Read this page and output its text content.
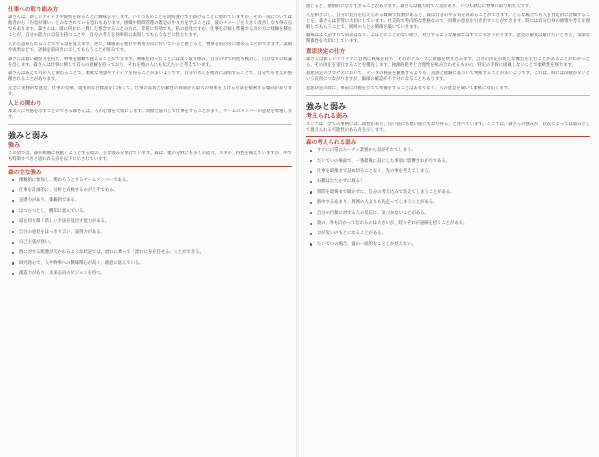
仕事への取り組み方

森さんは、新しいアイデアや洞察を得ることに興味を示します。いくつものことを同時並行で手掛けることに慣れていますが、その一部については他者から「内容が薄い」とみなされている恐れもあります。組織や時間管理の既定のやり方を学ぶことは、彼のイメージを大きく改善しなり得る点でもあります。森さんは、既に何かに一貫した専念することの方に、非常に有効でも、私の意見ですが、仕事を計画し準備する点の方に経験を積むことが、自分の能力に自信を持つことや、自分の考えを効率的に表現してもらうなどに役立ちます。

人から認められることでやる気を覚えます。逆に、価値ある他社や利用方向に付いていると感じると、物事を前向きに進めることができます。業績や成果などで、評価を前向きに示してもらうことが好みです。

森さんは鋭い観察力を持ち、物事を俯瞰で捉えることができます。興味を持ったことには深く取り組み、自分の中で何度も検討し、自分なりの結論を出します。森さんは仕事に関して自らの見解を持っており、それを他の人にも伝えたいと考えています。

森さんはあえて外の人と関わることで、柔軟な発想やアイデアを得ることが多いようです。自分の考えを他者に説明することで、自分でも考えが整理されることがあります。

完全に実務的な意見、仕事の見積、現実的な目標設定に関して、仕事の品質と信頼性の両面から最大の効果を上げる方法を模索する傾向があります。

人との関わり

本来人に共感を示すことのできる森さんは、人の心情を大切にします。同僚と協力して仕事をすることが多く、チームのメンバーの意見を尊重します。

強みと弱み
強み

この項では、森が組織に貢献しようとする際の、主な強みを挙げています。森は、他の分野にも多くの能力、スキル、特性を備えていますが、中でも特筆すべきと思われる点を以下に示されています。

森の主な強み
積極的に参加し、関わろうとするチームメンバーである。
仕事を計画的に、分析と点検するのが上手である。
直感力があり、楽観的である。
はつらつとし、機知に富んでいる。
道を切り開く新しい手法を見出す能力がある。
自分の意見をはっきり言い、説得力がある。
自己主張が強い。
他に対する配慮が欠かれるような状況では、流れに乗って「流れに身を任せる」ことができる。
研究熱心で、人や物事への興味関心が高く、創意に富んでいる。
創造力があり、未来志向のビジョンを持つ。

感じると、感情的になりすぎることがあります。森さんは魅力的で人気があり、いつも熱心に物事に取り組む人です。

人を相手にし、自分の見方を伝えられる職場で役割があると、彼は自分のやる気を高めることができます。どんな場合でも人を肯定的に評価することを、森さんは非常に大切にしています。社交的で外向的な性格なので、同僚の意見を引き出すことができます。時には自分自身の感情や考えを理解してもらうことで、周囲の人との関係を築いていきます。

職場はよく話す方で肩書はなく、よほどのことがない限り、対立するような場面ではすぐに引き下がります。意見の衝突は避けたいと考え、気楽な関係性を大切にしています。

意思決定の仕方

森さんは新しいアイデアに自然に興味を持ち、それがグループに新風を吹き込みます。自分の決定が新たな機会を生むことがあることがわかったら、その決定を実行することを優先します。独創的思考と合理性を組み合わせるものの、特定の手段に固執しないことで柔軟性を保ちます。

意思決定のプロセスにおいて、データの検証を徹底するよりも、直感と経験に基づいて判断することが多いようです。これは、時には決断が早いという長所につながりますが、細部の確認が不十分になることもあります。

意思決定の際に、事前に計画を立てて準備をすることはあまりなく、人の意見を聞いて柔軟に対応します。

強みと弱み
考えられる弱み

ユングは「全ての事柄には二面性があり、良い面にも悪い面にもなり得る」と述べています。ここでは、森さんの強みが、状況によっては弱みとして捉えられる可能性のある点を示します。

森の考えられる弱み
すぐに日常のルーチン業務から気がそれてしまう。
たいていの場面で、一番最後に話にした事項に影響されがちである。
仕事を最後まで詰め切ることなく、先の事を考えてしまう。
石橋はたたかずに渡る！
質問を最後まで聞かずに、自分の考え込みで答えてしまうことがある。
熱中するあまり、周囲の人よりも先走ってしまうことがある。
自分の行動に対する人の反応に、気づかないことがある。
彼の、外も向かって伝わるのは大きいが、時々それが誤解を招くことがある。
ロが災いのもとになることがある。
たいていの場合、彼の一面的なことしか見えない。
